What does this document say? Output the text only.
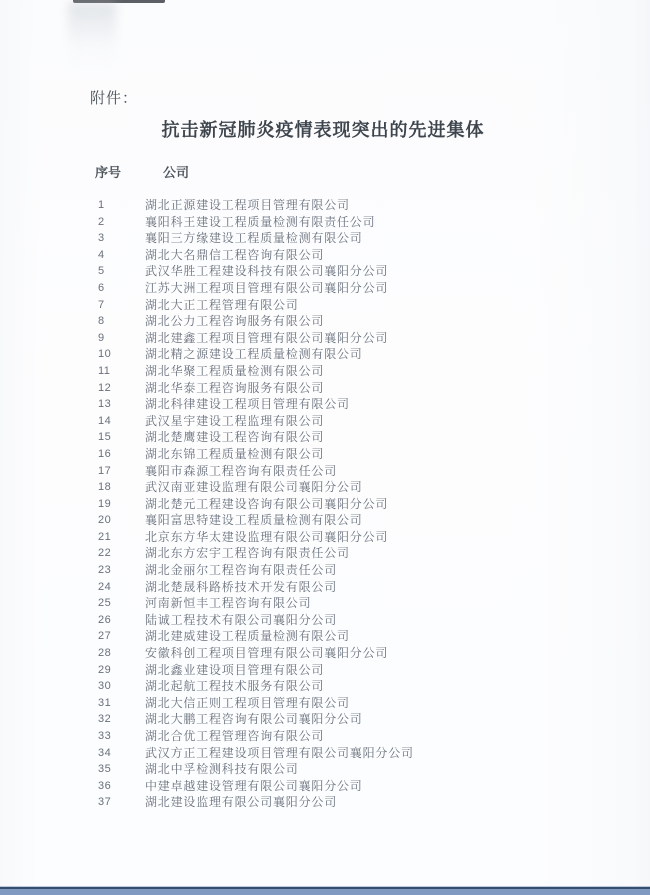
附件：
抗击新冠肺炎疫情表现突出的先进集体
序号	公司
1	湖北正源建设工程项目管理有限公司
2	襄阳科王建设工程质量检测有限责任公司
3	襄阳三方缘建设工程质量检测有限公司
4	湖北大名鼎信工程咨询有限公司
5	武汉华胜工程建设科技有限公司襄阳分公司
6	江苏大洲工程项目管理有限公司襄阳分公司
7	湖北大正工程管理有限公司
8	湖北公力工程咨询服务有限公司
9	湖北建鑫工程项目管理有限公司襄阳分公司
10	湖北精之源建设工程质量检测有限公司
11	湖北华聚工程质量检测有限公司
12	湖北华泰工程咨询服务有限公司
13	湖北科律建设工程项目管理有限公司
14	武汉星宇建设工程监理有限公司
15	湖北楚鹰建设工程咨询有限公司
16	湖北东锦工程质量检测有限公司
17	襄阳市森源工程咨询有限责任公司
18	武汉南亚建设监理有限公司襄阳分公司
19	湖北楚元工程建设咨询有限公司襄阳分公司
20	襄阳富思特建设工程质量检测有限公司
21	北京东方华太建设监理有限公司襄阳分公司
22	湖北东方宏宇工程咨询有限责任公司
23	湖北金丽尔工程咨询有限责任公司
24	湖北楚晟科路桥技术开发有限公司
25	河南新恒丰工程咨询有限公司
26	陆诚工程技术有限公司襄阳分公司
27	湖北建威建设工程质量检测有限公司
28	安徽科创工程项目管理有限公司襄阳分公司
29	湖北鑫业建设项目管理有限公司
30	湖北起航工程技术服务有限公司
31	湖北大信正则工程项目管理有限公司
32	湖北大鹏工程咨询有限公司襄阳分公司
33	湖北合优工程管理咨询有限公司
34	武汉方正工程建设项目管理有限公司襄阳分公司
35	湖北中孚检测科技有限公司
36	中建卓越建设管理有限公司襄阳分公司
37	湖北建设监理有限公司襄阳分公司
